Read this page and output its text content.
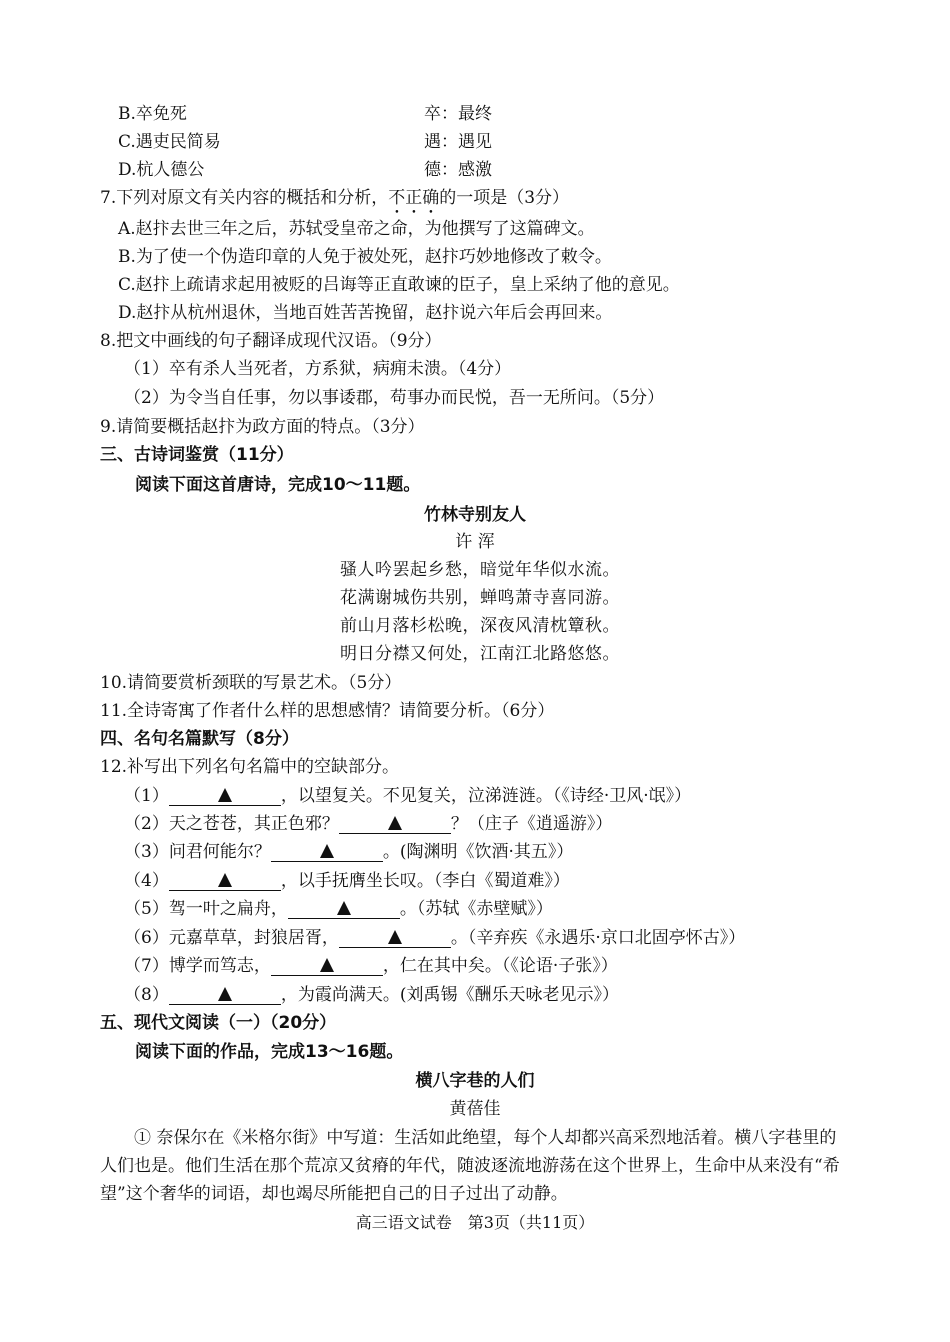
B.卒免死	卒：最终
C.遇吏民简易	遇：遇见
D.杭人德公	德：感激
7.下列对原文有关内容的概括和分析，不正确的一项是（3分）
A.赵抃去世三年之后，苏轼受皇帝之命，为他撰写了这篇碑文。
B.为了使一个伪造印章的人免于被处死，赵抃巧妙地修改了敕令。
C.赵抃上疏请求起用被贬的吕诲等正直敢谏的臣子，皇上采纳了他的意见。
D.赵抃从杭州退休，当地百姓苦苦挽留，赵抃说六年后会再回来。
8.把文中画线的句子翻译成现代汉语。（9分）
（1）卒有杀人当死者，方系狱，病痈未溃。（4分）
（2）为令当自任事，勿以事诿郡，苟事办而民悦，吾一无所问。（5分）
9.请简要概括赵抃为政方面的特点。（3分）
三、古诗词鉴赏（11分）
阅读下面这首唐诗，完成10～11题。
竹林寺别友人
许 浑
骚人吟罢起乡愁，暗觉年华似水流。
花满谢城伤共别，蝉鸣萧寺喜同游。
前山月落杉松晚，深夜风清枕簟秋。
明日分襟又何处，江南江北路悠悠。
10.请简要赏析颈联的写景艺术。（5分）
11.全诗寄寓了作者什么样的思想感情？请简要分析。（6分）
四、名句名篇默写（8分）
12.补写出下列名句名篇中的空缺部分。
（1）	，以望复关。不见复关，泣涕涟涟。（《诗经·卫风·氓》）
（2）天之苍苍，其正色邪？	？（庄子《逍遥游》）
（3）问君何能尔？	。(陶渊明《饮酒·其五》）
（4）	，以手抚膺坐长叹。（李白《蜀道难》）
（5）驾一叶之扁舟，	。（苏轼《赤壁赋》）
（6）元嘉草草，封狼居胥，	。（辛弃疾《永遇乐·京口北固亭怀古》）
（7）博学而笃志，	，仁在其中矣。（《论语·子张》）
（8）	，为霞尚满天。(刘禹锡《酬乐天咏老见示》）
五、现代文阅读（一）（20分）
阅读下面的作品，完成13～16题。
横八字巷的人们
黄蓓佳
① 奈保尔在《米格尔街》中写道：生活如此绝望，每个人却都兴高采烈地活着。横八字巷里的人们也是。他们生活在那个荒凉又贫瘠的年代，随波逐流地游荡在这个世界上，生命中从来没有“希望”这个奢华的词语，却也竭尽所能把自己的日子过出了动静。
高三语文试卷　第3页（共11页）
